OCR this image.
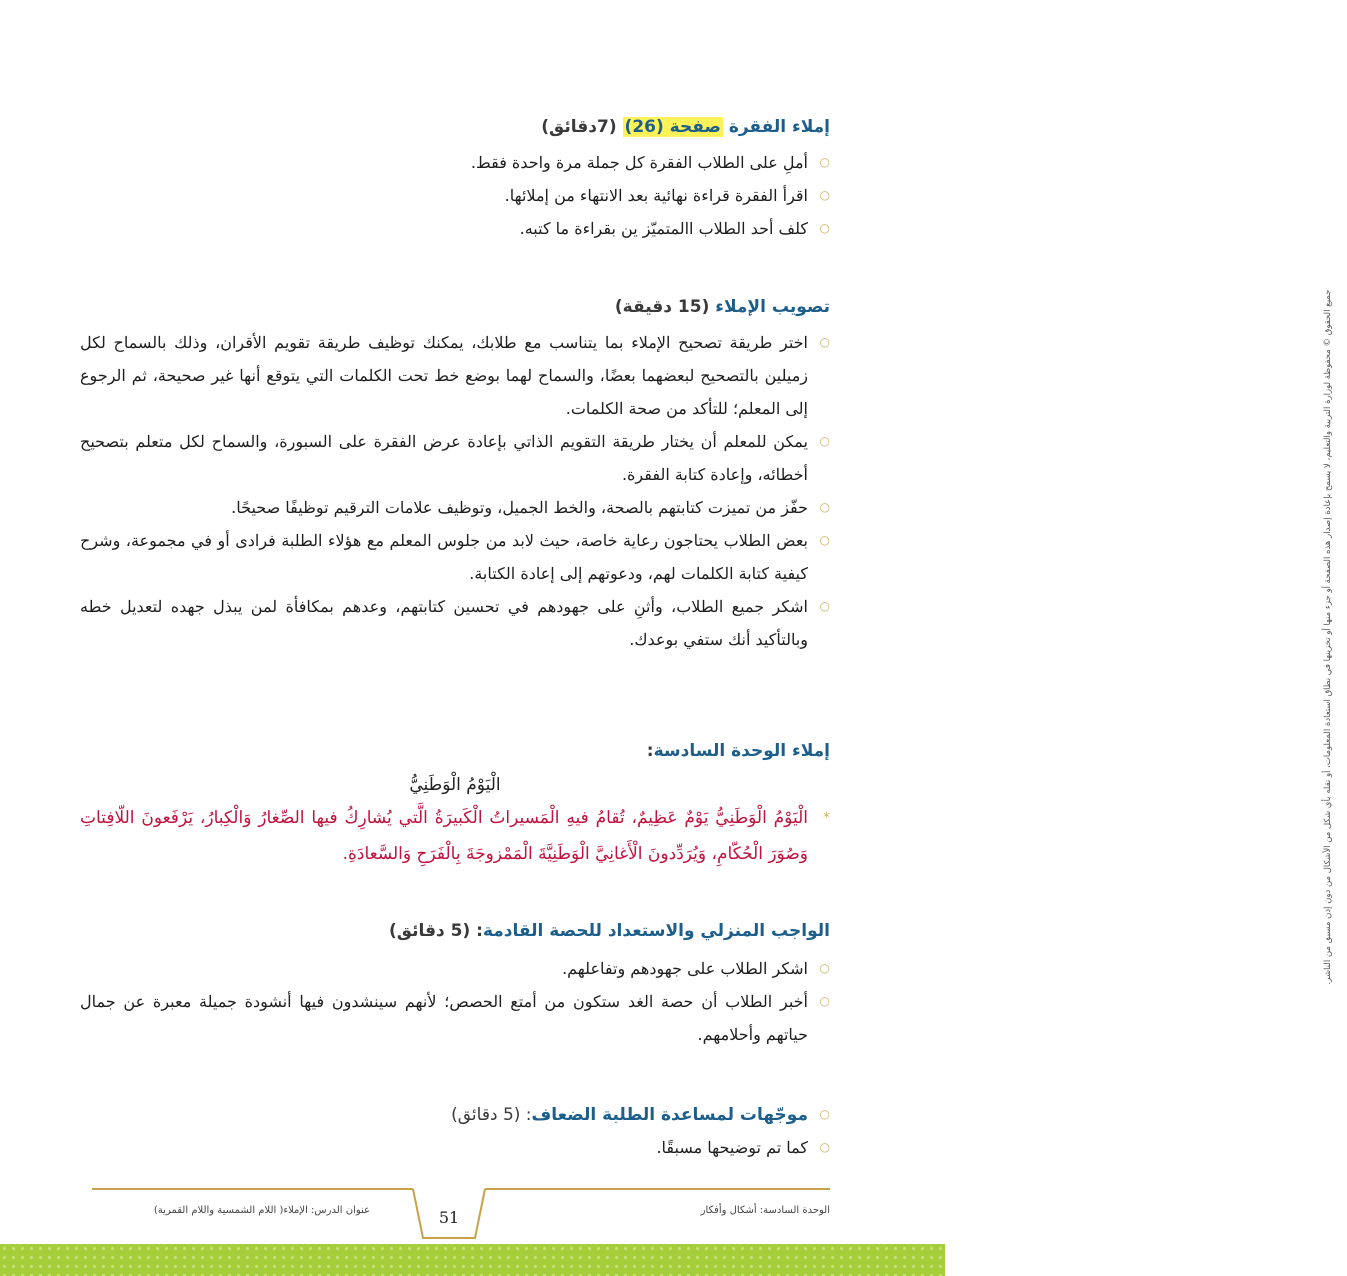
إملاء الفقرة صفحة (26) (7دقائق)
○
أملِ على الطلاب الفقرة كل جملة مرة واحدة فقط.
○
اقرأ الفقرة قراءة نهائية بعد الانتهاء من إملائها.
○
كلف أحد الطلاب االمتميّز ين بقراءة ما كتبه.
تصويب الإملاء (15 دقيقة)
○
اختر طريقة تصحيح الإملاء بما يتناسب مع طلابك، يمكنك توظيف طريقة تقويم الأقران، وذلك بالسماح لكل زميلين بالتصحيح لبعضهما بعضًا، والسماح لهما بوضع خط تحت الكلمات التي يتوقع أنها غير صحيحة، ثم الرجوع إلى المعلم؛ للتأكد من صحة الكلمات.
○
يمكن للمعلم أن يختار طريقة التقويم الذاتي بإعادة عرض الفقرة على السبورة، والسماح لكل متعلم بتصحيح أخطائه، وإعادة كتابة الفقرة.
○
حفّز من تميزت كتابتهم بالصحة، والخط الجميل، وتوظيف علامات الترقيم توظيفًا صحيحًا.
○
بعض الطلاب يحتاجون رعاية خاصة، حيث لابد من جلوس المعلم مع هؤلاء الطلبة فرادى أو في مجموعة، وشرح كيفية كتابة الكلمات لهم، ودعوتهم إلى إعادة الكتابة.
○
اشكر جميع الطلاب، وأثنِ على جهودهم في تحسين كتابتهم، وعدهم بمكافأة لمن يبذل جهده لتعديل خطه وبالتأكيد أنك ستفي بوعدك.
إملاء الوحدة السادسة:
الْيَوْمُ الْوَطَنِيُّ
*
الْيَوْمُ الْوَطَنِيُّ يَوْمٌ عَظِيمٌ، تُقامُ فيهِ الْمَسيراتُ الْكَبيرَةُ الَّتي يُشارِكُ فيها الصِّغارُ وَالْكِبارُ، يَرْفَعونَ اللّافِتاتِ وَصُوَرَ الْحُكّامِ، وَيُرَدِّدونَ الْأَغانِيَّ الْوَطَنِيَّةَ الْمَمْزوجَةَ بِالْفَرَحِ وَالسَّعادَةِ.
الواجب المنزلي والاستعداد للحصة القادمة: (5 دقائق)
○
اشكر الطلاب على جهودهم وتفاعلهم.
○
أخبر الطلاب أن حصة الغد ستكون من أمتع الحصص؛ لأنهم سينشدون فيها أنشودة جميلة معبرة عن جمال حياتهم وأحلامهم.
○
موجّهات لمساعدة الطلبة الضعاف: (5 دقائق)
○
كما تم توضيحها مسبقًا.
جميع الحقوق © محفوظة لوزارة التربية والتعليم، لا يسمح بإعادة إصدار هذه الصفحة أو جزء منها أو تخزينها في نطاق استعادة المعلومات، أو نقله بأي شكل من الأشكال من دون إذن مسبق من الناشر.
51
عنوان الدرس: الإملاء( اللام الشمسية واللام القمرية)	الوحدة السادسة: أشكال وأفكار
